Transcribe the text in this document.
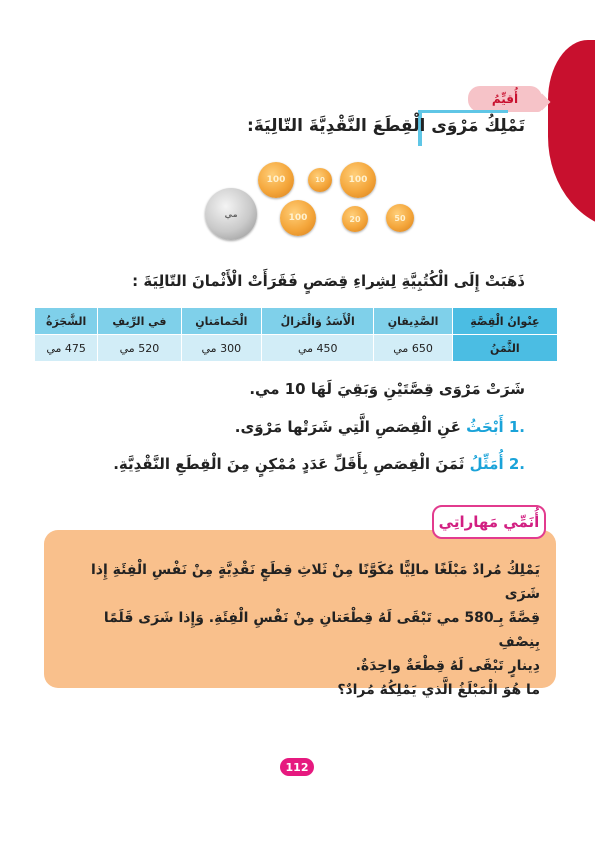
أُقيِّمُ
تَمْلِكُ مَرْوَى الْقِطَعَ النَّقْدِيَّةَ التّالِيَةَ:
مي
100	10	100
100	20	50
ذَهَبَتْ إِلَى الْكُتُبِيَّةِ لِشِراءِ قِصَصٍ فَقَرَأَتْ الْأَثْمانَ التّالِيَةَ :
عِنْوانُ الْقِصَّةِ	الصَّدِيقانِ	الْأَسَدُ وَالْغَزالُ	الْحَمامَتانِ	في الرِّيفِ	الشَّجَرَةُ
الثَّمَنُ	650 مي	450 مي	300 مي	520 مي	475 مي
شَرَتْ مَرْوَى قِصَّتَيْنِ وَبَقِيَ لَهَا 10 مي.
.1 أَبْحَثُ عَنِ الْقِصَصِ الَّتِي شَرَتْها مَرْوَى.
.2 أُمَثِّلُ ثَمَنَ الْقِصَصِ بِأَقَلِّ عَدَدٍ مُمْكِنٍ مِنَ الْقِطَعِ النَّقْدِيَّةِ.
أُنَمِّي مَهاراتِي
يَمْلِكُ مُرادٌ مَبْلَغًا مالِيًّا مُكَوَّنًا مِنْ ثَلاثِ قِطَعٍ نَقْدِيَّةٍ مِنْ نَفْسِ الْفِئَةِ إِذا شَرَى
قِصَّةً بِـ580 مي تَبْقَى لَهُ قِطْعَتانِ مِنْ نَفْسِ الْفِئَةِ. وَإِذا شَرَى قَلَمًا بِنِصْفِ
دِينارٍ تَبْقَى لَهُ قِطْعَةٌ واحِدَةٌ.
ما هُوَ الْمَبْلَغُ الَّذي يَمْلِكُهُ مُرادٌ؟
112
